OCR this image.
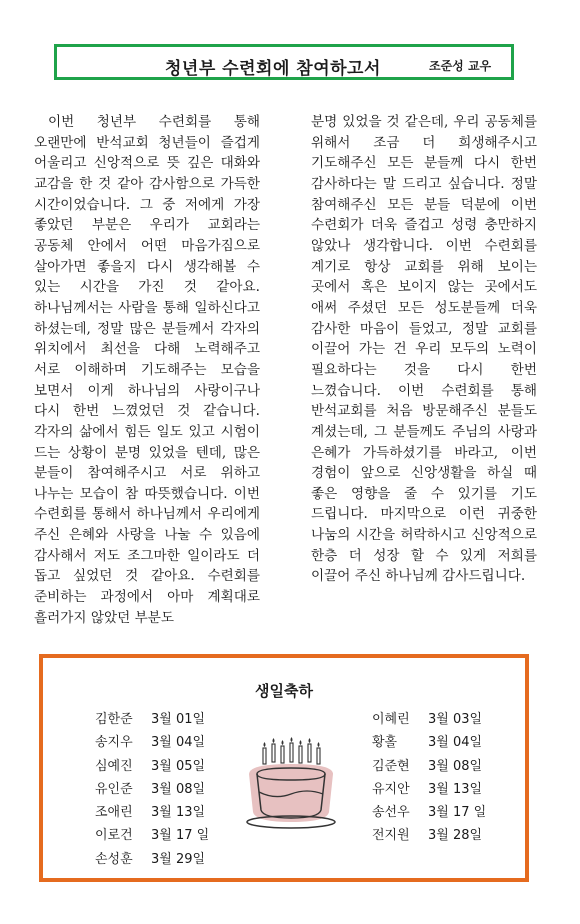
청년부 수련회에 참여하고서	조준성 교우

이번 청년부 수련회를 통해 오랜만에 반석교회 청년들이 즐겁게 어울리고 신앙적으로 뜻 깊은 대화와 교감을 한 것 같아 감사함으로 가득한 시간이었습니다. 그 중 저에게 가장 좋았던 부분은 우리가 교회라는 공동체 안에서 어떤 마음가짐으로 살아가면 좋을지 다시 생각해볼 수 있는 시간을 가진 것 같아요. 하나님께서는 사람을 통해 일하신다고 하셨는데, 정말 많은 분들께서 각자의 위치에서 최선을 다해 노력해주고 서로 이해하며 기도해주는 모습을 보면서 이게 하나님의 사랑이구나 다시 한번 느꼈었던 것 같습니다. 각자의 삶에서 힘든 일도 있고 시험이 드는 상황이 분명 있었을 텐데, 많은 분들이 참여해주시고 서로 위하고 나누는 모습이 참 따뜻했습니다. 이번 수련회를 통해서 하나님께서 우리에게 주신 은혜와 사랑을 나눌 수 있음에 감사해서 저도 조그마한 일이라도 더 돕고 싶었던 것 같아요. 수련회를 준비하는 과정에서 아마 계획대로 흘러가지 않았던 부분도

분명 있었을 것 같은데, 우리 공동체를 위해서 조금 더 희생해주시고 기도해주신 모든 분들께 다시 한번 감사하다는 말 드리고 싶습니다. 정말 참여해주신 모든 분들 덕분에 이번 수련회가 더욱 즐겁고 성령 충만하지 않았나 생각합니다. 이번 수련회를 계기로 항상 교회를 위해 보이는 곳에서 혹은 보이지 않는 곳에서도 애써 주셨던 모든 성도분들께 더욱 감사한 마음이 들었고, 정말 교회를 이끌어 가는 건 우리 모두의 노력이 필요하다는 것을 다시 한번 느꼈습니다. 이번 수련회를 통해 반석교회를 처음 방문해주신 분들도 계셨는데, 그 분들께도 주님의 사랑과 은혜가 가득하셨기를 바라고, 이번 경험이 앞으로 신앙생활을 하실 때 좋은 영향을 줄 수 있기를 기도 드립니다. 마지막으로 이런 귀중한 나눔의 시간을 허락하시고 신앙적으로 한층 더 성장 할 수 있게 저희를 이끌어 주신 하나님께 감사드립니다.

생일축하
김한준	3월 01일
송지우	3월 04일
심예진	3월 05일
유인준	3월 08일
조애린	3월 13일
이로건	3월 17 일
손성훈	3월 29일
이혜린	3월 03일
황홀	3월 04일
김준현	3월 08일
유지안	3월 13일
송선우	3월 17 일
전지원	3월 28일
